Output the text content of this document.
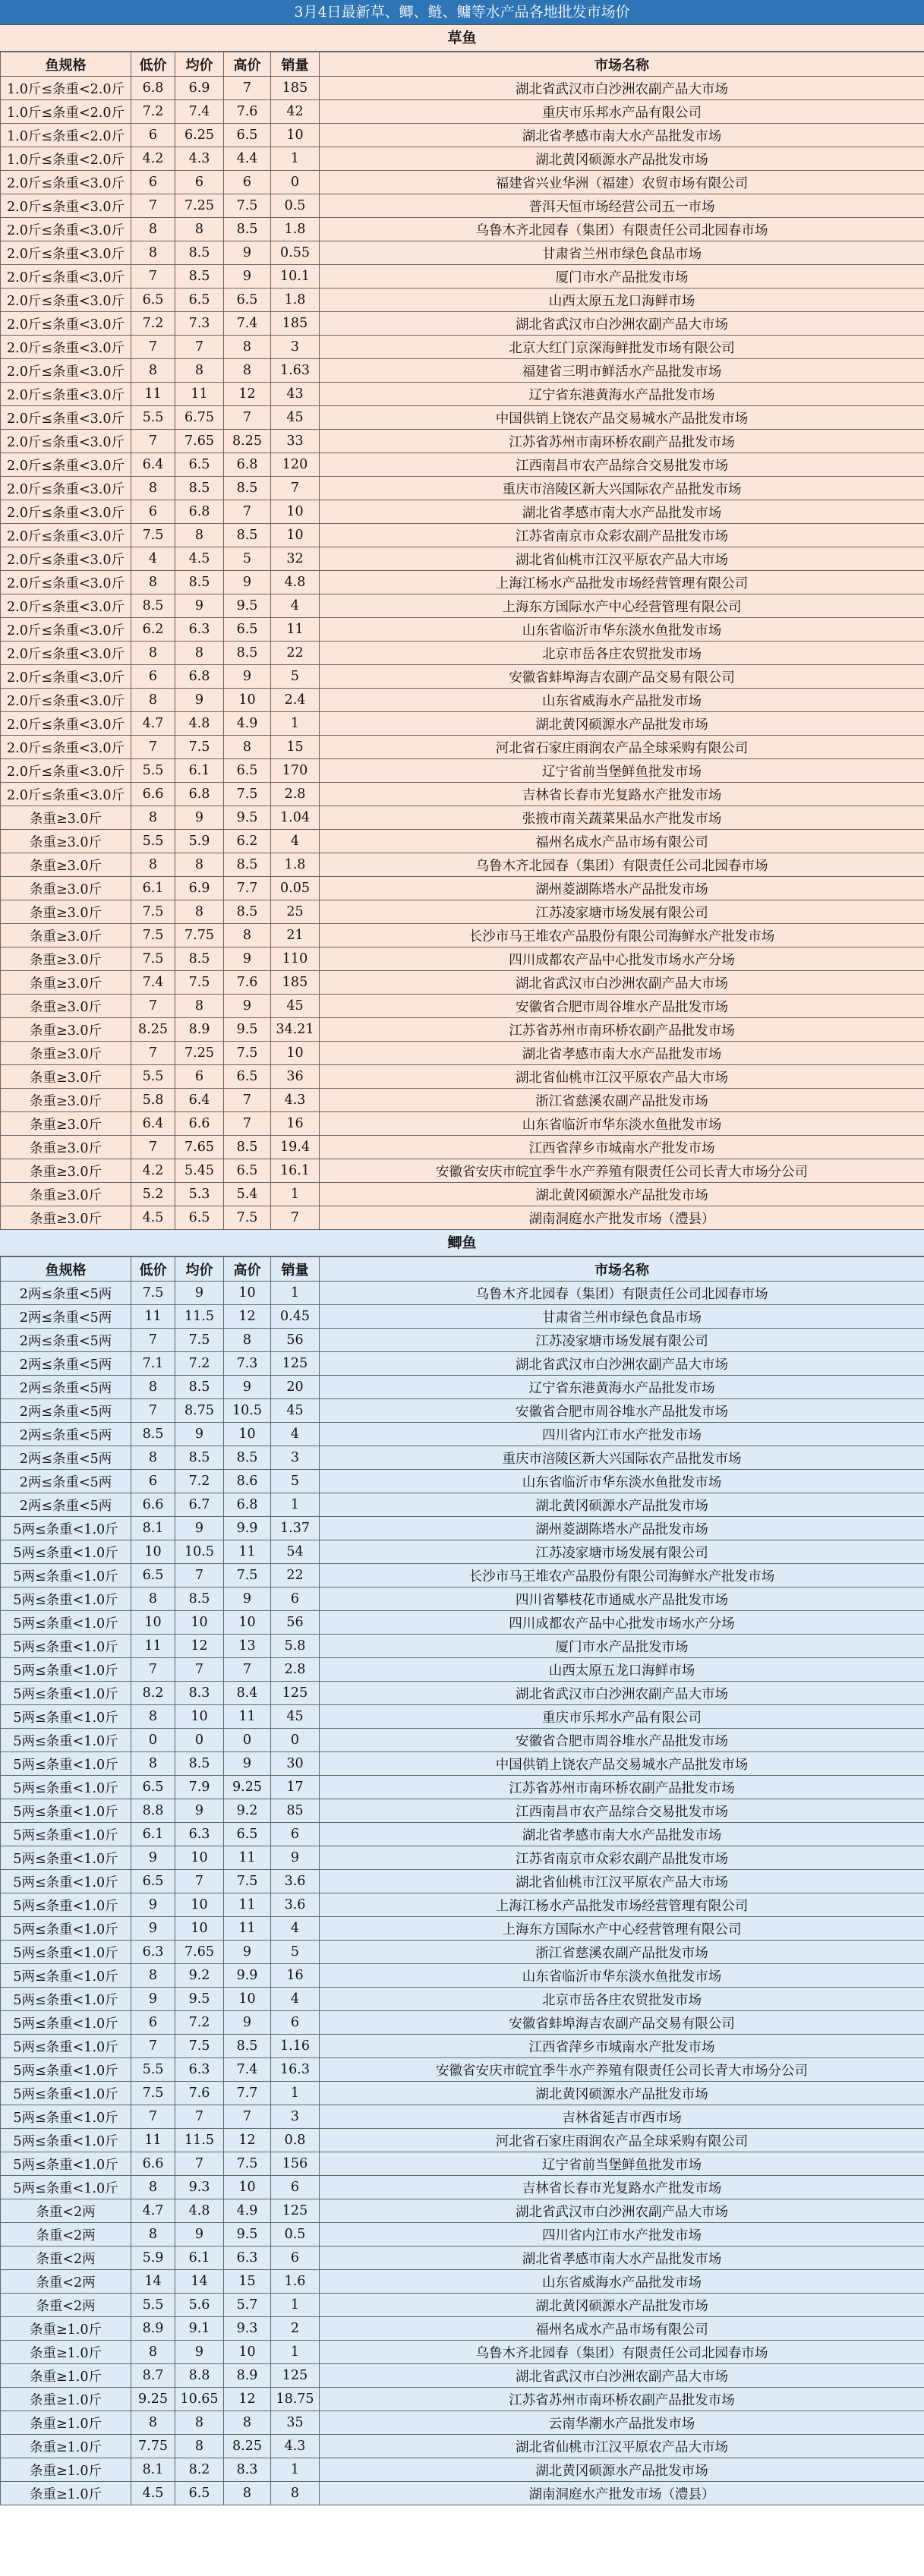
3月4日最新草、鲫、鲢、鳙等水产品各地批发市场价
草鱼
鱼规格	低价	均价	高价	销量	市场名称
1.0斤≤条重<2.0斤	6.8	6.9	7	185	湖北省武汉市白沙洲农副产品大市场
1.0斤≤条重<2.0斤	7.2	7.4	7.6	42	重庆市乐邦水产品有限公司
1.0斤≤条重<2.0斤	6	6.25	6.5	10	湖北省孝感市南大水产品批发市场
1.0斤≤条重<2.0斤	4.2	4.3	4.4	1	湖北黄冈硕源水产品批发市场
2.0斤≤条重<3.0斤	6	6	6	0	福建省兴业华洲（福建）农贸市场有限公司
2.0斤≤条重<3.0斤	7	7.25	7.5	0.5	普洱天恒市场经营公司五一市场
2.0斤≤条重<3.0斤	8	8	8.5	1.8	乌鲁木齐北园春（集团）有限责任公司北园春市场
2.0斤≤条重<3.0斤	8	8.5	9	0.55	甘肃省兰州市绿色食品市场
2.0斤≤条重<3.0斤	7	8.5	9	10.1	厦门市水产品批发市场
2.0斤≤条重<3.0斤	6.5	6.5	6.5	1.8	山西太原五龙口海鲜市场
2.0斤≤条重<3.0斤	7.2	7.3	7.4	185	湖北省武汉市白沙洲农副产品大市场
2.0斤≤条重<3.0斤	7	7	8	3	北京大红门京深海鲜批发市场有限公司
2.0斤≤条重<3.0斤	8	8	8	1.63	福建省三明市鲜活水产品批发市场
2.0斤≤条重<3.0斤	11	11	12	43	辽宁省东港黄海水产品批发市场
2.0斤≤条重<3.0斤	5.5	6.75	7	45	中国供销上饶农产品交易城水产品批发市场
2.0斤≤条重<3.0斤	7	7.65	8.25	33	江苏省苏州市南环桥农副产品批发市场
2.0斤≤条重<3.0斤	6.4	6.5	6.8	120	江西南昌市农产品综合交易批发市场
2.0斤≤条重<3.0斤	8	8.5	8.5	7	重庆市涪陵区新大兴国际农产品批发市场
2.0斤≤条重<3.0斤	6	6.8	7	10	湖北省孝感市南大水产品批发市场
2.0斤≤条重<3.0斤	7.5	8	8.5	10	江苏省南京市众彩农副产品批发市场
2.0斤≤条重<3.0斤	4	4.5	5	32	湖北省仙桃市江汉平原农产品大市场
2.0斤≤条重<3.0斤	8	8.5	9	4.8	上海江杨水产品批发市场经营管理有限公司
2.0斤≤条重<3.0斤	8.5	9	9.5	4	上海东方国际水产中心经营管理有限公司
2.0斤≤条重<3.0斤	6.2	6.3	6.5	11	山东省临沂市华东淡水鱼批发市场
2.0斤≤条重<3.0斤	8	8	8.5	22	北京市岳各庄农贸批发市场
2.0斤≤条重<3.0斤	6	6.8	9	5	安徽省蚌埠海吉农副产品交易有限公司
2.0斤≤条重<3.0斤	8	9	10	2.4	山东省威海水产品批发市场
2.0斤≤条重<3.0斤	4.7	4.8	4.9	1	湖北黄冈硕源水产品批发市场
2.0斤≤条重<3.0斤	7	7.5	8	15	河北省石家庄雨润农产品全球采购有限公司
2.0斤≤条重<3.0斤	5.5	6.1	6.5	170	辽宁省前当堡鲜鱼批发市场
2.0斤≤条重<3.0斤	6.6	6.8	7.5	2.8	吉林省长春市光复路水产批发市场
条重≥3.0斤	8	9	9.5	1.04	张掖市南关蔬菜果品水产批发市场
条重≥3.0斤	5.5	5.9	6.2	4	福州名成水产品市场有限公司
条重≥3.0斤	8	8	8.5	1.8	乌鲁木齐北园春（集团）有限责任公司北园春市场
条重≥3.0斤	6.1	6.9	7.7	0.05	湖州菱湖陈塔水产品批发市场
条重≥3.0斤	7.5	8	8.5	25	江苏凌家塘市场发展有限公司
条重≥3.0斤	7.5	7.75	8	21	长沙市马王堆农产品股份有限公司海鲜水产批发市场
条重≥3.0斤	7.5	8.5	9	110	四川成都农产品中心批发市场水产分场
条重≥3.0斤	7.4	7.5	7.6	185	湖北省武汉市白沙洲农副产品大市场
条重≥3.0斤	7	8	9	45	安徽省合肥市周谷堆水产品批发市场
条重≥3.0斤	8.25	8.9	9.5	34.21	江苏省苏州市南环桥农副产品批发市场
条重≥3.0斤	7	7.25	7.5	10	湖北省孝感市南大水产品批发市场
条重≥3.0斤	5.5	6	6.5	36	湖北省仙桃市江汉平原农产品大市场
条重≥3.0斤	5.8	6.4	7	4.3	浙江省慈溪农副产品批发市场
条重≥3.0斤	6.4	6.6	7	16	山东省临沂市华东淡水鱼批发市场
条重≥3.0斤	7	7.65	8.5	19.4	江西省萍乡市城南水产批发市场
条重≥3.0斤	4.2	5.45	6.5	16.1	安徽省安庆市皖宜季牛水产养殖有限责任公司长青大市场分公司
条重≥3.0斤	5.2	5.3	5.4	1	湖北黄冈硕源水产品批发市场
条重≥3.0斤	4.5	6.5	7.5	7	湖南洞庭水产批发市场（澧县）
鲫鱼
鱼规格	低价	均价	高价	销量	市场名称
2两≤条重<5两	7.5	9	10	1	乌鲁木齐北园春（集团）有限责任公司北园春市场
2两≤条重<5两	11	11.5	12	0.45	甘肃省兰州市绿色食品市场
2两≤条重<5两	7	7.5	8	56	江苏凌家塘市场发展有限公司
2两≤条重<5两	7.1	7.2	7.3	125	湖北省武汉市白沙洲农副产品大市场
2两≤条重<5两	8	8.5	9	20	辽宁省东港黄海水产品批发市场
2两≤条重<5两	7	8.75	10.5	45	安徽省合肥市周谷堆水产品批发市场
2两≤条重<5两	8.5	9	10	4	四川省内江市水产批发市场
2两≤条重<5两	8	8.5	8.5	3	重庆市涪陵区新大兴国际农产品批发市场
2两≤条重<5两	6	7.2	8.6	5	山东省临沂市华东淡水鱼批发市场
2两≤条重<5两	6.6	6.7	6.8	1	湖北黄冈硕源水产品批发市场
5两≤条重<1.0斤	8.1	9	9.9	1.37	湖州菱湖陈塔水产品批发市场
5两≤条重<1.0斤	10	10.5	11	54	江苏凌家塘市场发展有限公司
5两≤条重<1.0斤	6.5	7	7.5	22	长沙市马王堆农产品股份有限公司海鲜水产批发市场
5两≤条重<1.0斤	8	8.5	9	6	四川省攀枝花市通威水产品批发市场
5两≤条重<1.0斤	10	10	10	56	四川成都农产品中心批发市场水产分场
5两≤条重<1.0斤	11	12	13	5.8	厦门市水产品批发市场
5两≤条重<1.0斤	7	7	7	2.8	山西太原五龙口海鲜市场
5两≤条重<1.0斤	8.2	8.3	8.4	125	湖北省武汉市白沙洲农副产品大市场
5两≤条重<1.0斤	8	10	11	45	重庆市乐邦水产品有限公司
5两≤条重<1.0斤	0	0	0	0	安徽省合肥市周谷堆水产品批发市场
5两≤条重<1.0斤	8	8.5	9	30	中国供销上饶农产品交易城水产品批发市场
5两≤条重<1.0斤	6.5	7.9	9.25	17	江苏省苏州市南环桥农副产品批发市场
5两≤条重<1.0斤	8.8	9	9.2	85	江西南昌市农产品综合交易批发市场
5两≤条重<1.0斤	6.1	6.3	6.5	6	湖北省孝感市南大水产品批发市场
5两≤条重<1.0斤	9	10	11	9	江苏省南京市众彩农副产品批发市场
5两≤条重<1.0斤	6.5	7	7.5	3.6	湖北省仙桃市江汉平原农产品大市场
5两≤条重<1.0斤	9	10	11	3.6	上海江杨水产品批发市场经营管理有限公司
5两≤条重<1.0斤	9	10	11	4	上海东方国际水产中心经营管理有限公司
5两≤条重<1.0斤	6.3	7.65	9	5	浙江省慈溪农副产品批发市场
5两≤条重<1.0斤	8	9.2	9.9	16	山东省临沂市华东淡水鱼批发市场
5两≤条重<1.0斤	9	9.5	10	4	北京市岳各庄农贸批发市场
5两≤条重<1.0斤	6	7.2	9	6	安徽省蚌埠海吉农副产品交易有限公司
5两≤条重<1.0斤	7	7.5	8.5	1.16	江西省萍乡市城南水产批发市场
5两≤条重<1.0斤	5.5	6.3	7.4	16.3	安徽省安庆市皖宜季牛水产养殖有限责任公司长青大市场分公司
5两≤条重<1.0斤	7.5	7.6	7.7	1	湖北黄冈硕源水产品批发市场
5两≤条重<1.0斤	7	7	7	3	吉林省延吉市西市场
5两≤条重<1.0斤	11	11.5	12	0.8	河北省石家庄雨润农产品全球采购有限公司
5两≤条重<1.0斤	6.6	7	7.5	156	辽宁省前当堡鲜鱼批发市场
5两≤条重<1.0斤	8	9.3	10	6	吉林省长春市光复路水产批发市场
条重<2两	4.7	4.8	4.9	125	湖北省武汉市白沙洲农副产品大市场
条重<2两	8	9	9.5	0.5	四川省内江市水产批发市场
条重<2两	5.9	6.1	6.3	6	湖北省孝感市南大水产品批发市场
条重<2两	14	14	15	1.6	山东省威海水产品批发市场
条重<2两	5.5	5.6	5.7	1	湖北黄冈硕源水产品批发市场
条重≥1.0斤	8.9	9.1	9.3	2	福州名成水产品市场有限公司
条重≥1.0斤	8	9	10	1	乌鲁木齐北园春（集团）有限责任公司北园春市场
条重≥1.0斤	8.7	8.8	8.9	125	湖北省武汉市白沙洲农副产品大市场
条重≥1.0斤	9.25	10.65	12	18.75	江苏省苏州市南环桥农副产品批发市场
条重≥1.0斤	8	8	8	35	云南华潮水产品批发市场
条重≥1.0斤	7.75	8	8.25	4.3	湖北省仙桃市江汉平原农产品大市场
条重≥1.0斤	8.1	8.2	8.3	1	湖北黄冈硕源水产品批发市场
条重≥1.0斤	4.5	6.5	8	8	湖南洞庭水产批发市场（澧县）
